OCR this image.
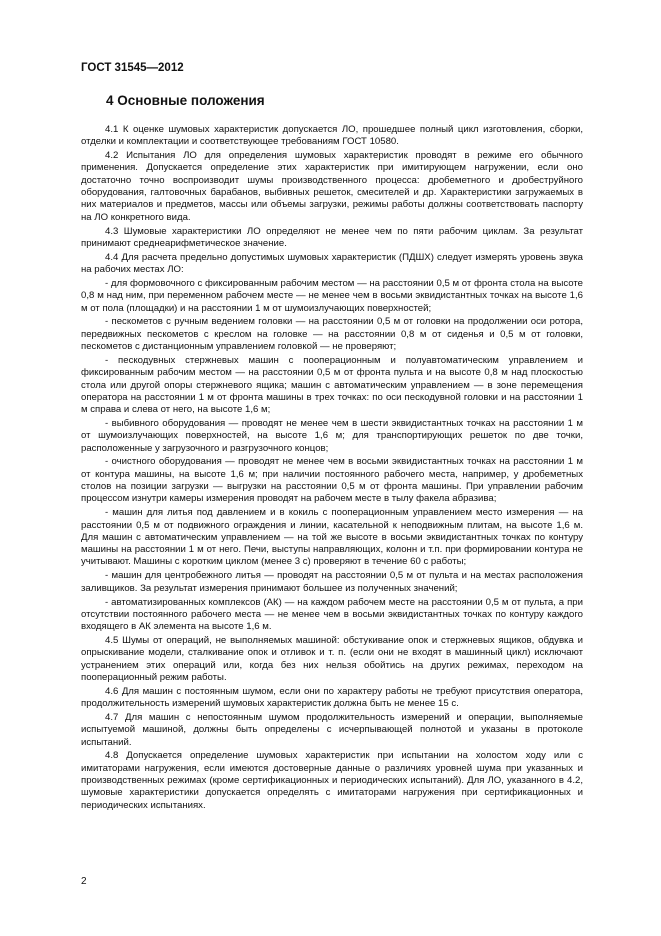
ГОСТ 31545—2012
4 Основные положения

4.1 К оценке шумовых характеристик допускается ЛО, прошедшее полный цикл изготовления, сборки, отделки и комплектации и соответствующее требованиям ГОСТ 10580.

4.2 Испытания ЛО для определения шумовых характеристик проводят в режиме его обычного применения. Допускается определение этих характеристик при имитирующем нагружении, если оно достаточно точно воспроизводит шумы производственного процесса: дробеметного и дробеструйного оборудования, галтовочных барабанов, выбивных решеток, смесителей и др. Характеристики загружаемых в них материалов и предметов, массы или объемы загрузки, режимы работы должны соответствовать паспорту на ЛО конкретного вида.

4.3 Шумовые характеристики ЛО определяют не менее чем по пяти рабочим циклам. За результат принимают среднеарифметическое значение.

4.4 Для расчета предельно допустимых шумовых характеристик (ПДШХ) следует измерять уровень звука на рабочих местах ЛО:

- для формовочного с фиксированным рабочим местом — на расстоянии 0,5 м от фронта стола на высоте 0,8 м над ним, при переменном рабочем месте — не менее чем в восьми эквидистантных точках на высоте 1,6 м от пола (площадки) и на расстоянии 1 м от шумоизлучающих поверхностей;

- пескометов с ручным ведением головки — на расстоянии 0,5 м от головки на продолжении оси ротора, передвижных пескометов с креслом на головке — на расстоянии 0,8 м от сиденья и 0,5 м от головки, пескометов с дистанционным управлением головкой — не проверяют;

- пескодувных стержневых машин с пооперационным и полуавтоматическим управлением и фиксированным рабочим местом — на расстоянии 0,5 м от фронта пульта и на высоте 0,8 м над плоскостью стола или другой опоры стержневого ящика; машин с автоматическим управлением — в зоне перемещения оператора на расстоянии 1 м от фронта машины в трех точках: по оси пескодувной головки и на расстоянии 1 м справа и слева от него, на высоте 1,6 м;

- выбивного оборудования — проводят не менее чем в шести эквидистантных точках на расстоянии 1 м от шумоизлучающих поверхностей, на высоте 1,6 м; для транспортирующих решеток по две точки, расположенные у загрузочного и разгрузочного концов;

- очистного оборудования — проводят не менее чем в восьми эквидистантных точках на расстоянии 1 м от контура машины, на высоте 1,6 м; при наличии постоянного рабочего места, например, у дробеметных столов на позиции загрузки — выгрузки на расстоянии 0,5 м от фронта машины. При управлении рабочим процессом изнутри камеры измерения проводят на рабочем месте в тылу факела абразива;

- машин для литья под давлением и в кокиль с пооперационным управлением место измерения — на расстоянии 0,5 м от подвижного ограждения и линии, касательной к неподвижным плитам, на высоте 1,6 м. Для машин с автоматическим управлением — на той же высоте в восьми эквидистантных точках по контуру машины на расстоянии 1 м от него. Печи, выступы направляющих, колонн и т.п. при формировании контура не учитывают. Машины с коротким циклом (менее 3 с) проверяют в течение 60 с работы;

- машин для центробежного литья — проводят на расстоянии 0,5 м от пульта и на местах расположения заливщиков. За результат измерения принимают большее из полученных значений;

- автоматизированных комплексов (АК) — на каждом рабочем месте на расстоянии 0,5 м от пульта, а при отсутствии постоянного рабочего места — не менее чем в восьми эквидистантных точках по контуру каждого входящего в АК элемента на высоте 1,6 м.

4.5 Шумы от операций, не выполняемых машиной: обстукивание опок и стержневых ящиков, обдувка и опрыскивание модели, сталкивание опок и отливок и т. п. (если они не входят в машинный цикл) исключают устранением этих операций или, когда без них нельзя обойтись на других режимах, переходом на пооперационный режим работы.

4.6 Для машин с постоянным шумом, если они по характеру работы не требуют присутствия оператора, продолжительность измерений шумовых характеристик должна быть не менее 15 с.

4.7 Для машин с непостоянным шумом продолжительность измерений и операции, выполняемые испытуемой машиной, должны быть определены с исчерпывающей полнотой и указаны в протоколе испытаний.

4.8 Допускается определение шумовых характеристик при испытании на холостом ходу или с имитаторами нагружения, если имеются достоверные данные о различиях уровней шума при указанных и производственных режимах (кроме сертификационных и периодических испытаний). Для ЛО, указанного в 4.2, шумовые характеристики допускается определять с имитаторами нагружения при сертификационных и периодических испытаниях.

2
